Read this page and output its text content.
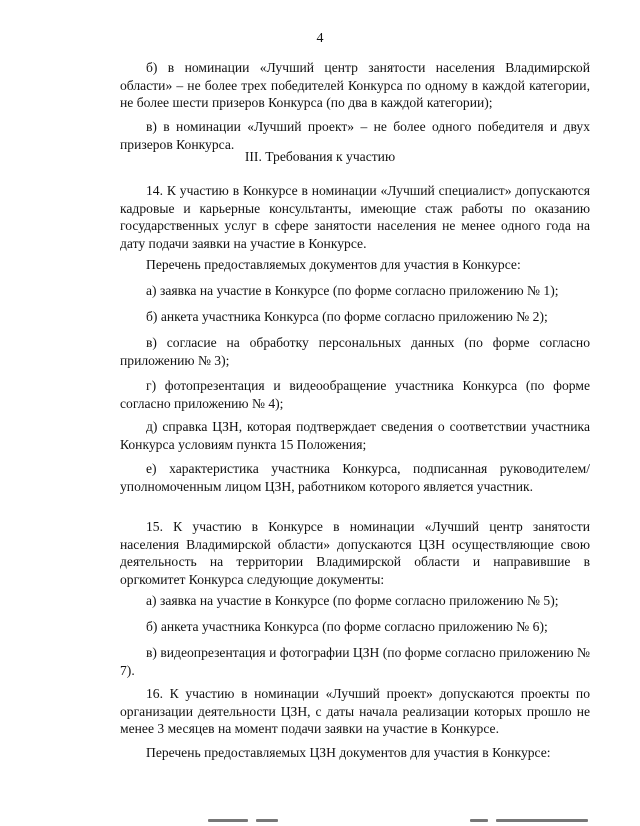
4

б) в номинации «Лучший центр занятости населения Владимирской области» – не более трех победителей Конкурса по одному в каждой категории, не более шести призеров Конкурса (по два в каждой категории);

в) в номинации «Лучший проект» – не более одного победителя и двух призеров Конкурса.

III. Требования к участию

14. К участию в Конкурсе в номинации «Лучший специалист» допускаются кадровые и карьерные консультанты, имеющие стаж работы по оказанию государственных услуг в сфере занятости населения не менее одного года на дату подачи заявки на участие в Конкурсе.

Перечень предоставляемых документов для участия в Конкурсе:

а) заявка на участие в Конкурсе (по форме согласно приложению № 1);

б) анкета участника Конкурса (по форме согласно приложению № 2);

в) согласие на обработку персональных данных (по форме согласно приложению № 3);

г) фотопрезентация и видеообращение участника Конкурса (по форме согласно приложению № 4);

д) справка ЦЗН, которая подтверждает сведения о соответствии участника Конкурса условиям пункта 15 Положения;

е) характеристика участника Конкурса, подписанная руководителем/уполномоченным лицом ЦЗН, работником которого является участник.

15. К участию в Конкурсе в номинации «Лучший центр занятости населения Владимирской области» допускаются ЦЗН осуществляющие свою деятельность на территории Владимирской области и направившие в оргкомитет Конкурса следующие документы:

а) заявка на участие в Конкурсе (по форме согласно приложению № 5);

б) анкета участника Конкурса (по форме согласно приложению № 6);

в) видеопрезентация и фотографии ЦЗН (по форме согласно приложению № 7).

16. К участию в номинации «Лучший проект» допускаются проекты по организации деятельности ЦЗН, с даты начала реализации которых прошло не менее 3 месяцев на момент подачи заявки на участие в Конкурсе.

Перечень предоставляемых ЦЗН документов для участия в Конкурсе:
